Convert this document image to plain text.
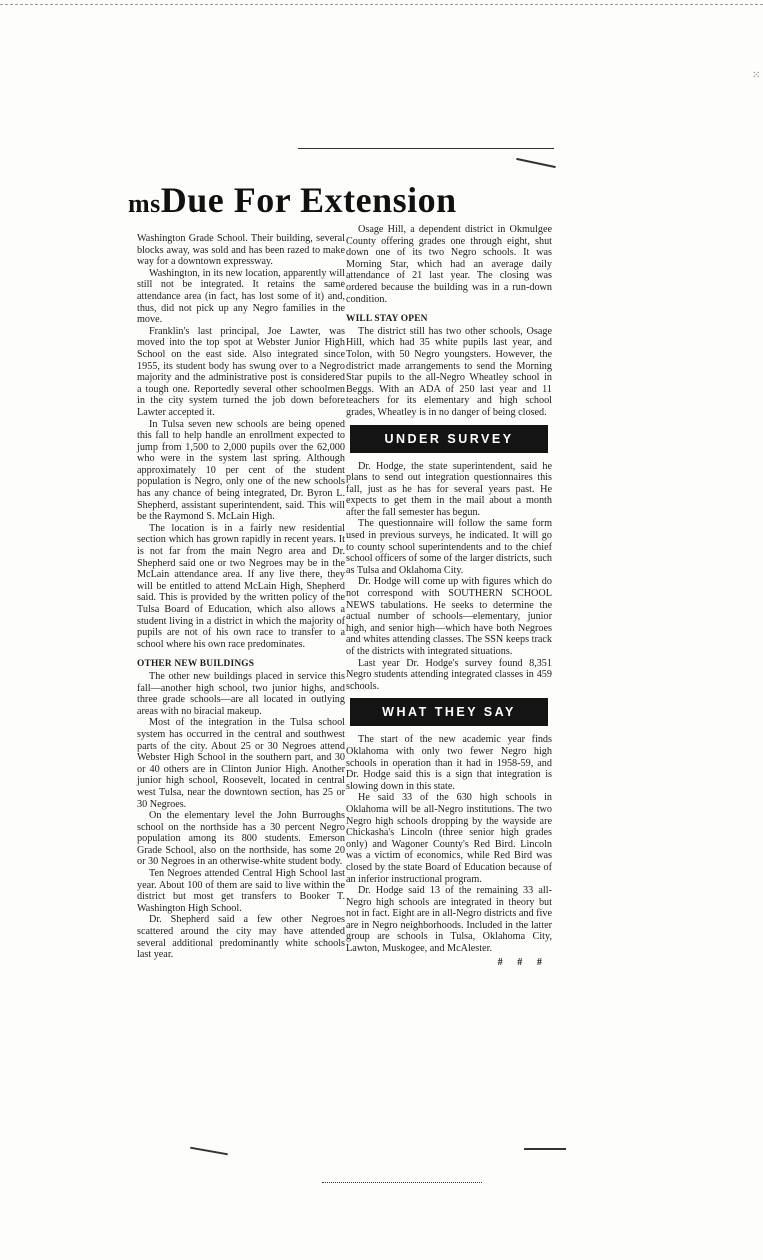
⁙
msDue For Extension

Washington Grade School. Their building, several blocks away, was sold and has been razed to make way for a downtown expressway.

Washington, in its new location, apparently will still not be integrated. It retains the same attendance area (in fact, has lost some of it) and, thus, did not pick up any Negro families in the move.

Franklin's last principal, Joe Lawter, was moved into the top spot at Webster Junior High School on the east side. Also integrated since 1955, its student body has swung over to a Negro majority and the administrative post is considered a tough one. Reportedly several other schoolmen in the city system turned the job down before Lawter accepted it.

In Tulsa seven new schools are being opened this fall to help handle an enrollment expected to jump from 1,500 to 2,000 pupils over the 62,000 who were in the system last spring. Although approximately 10 per cent of the student population is Negro, only one of the new schools has any chance of being integrated, Dr. Byron L. Shepherd, assistant superintendent, said. This will be the Raymond S. McLain High.

The location is in a fairly new residential section which has grown rapidly in recent years. It is not far from the main Negro area and Dr. Shepherd said one or two Negroes may be in the McLain attendance area. If any live there, they will be entitled to attend McLain High, Shepherd said. This is provided by the written policy of the Tulsa Board of Education, which also allows a student living in a district in which the majority of pupils are not of his own race to transfer to a school where his own race predominates.

OTHER NEW BUILDINGS

The other new buildings placed in service this fall—another high school, two junior highs, and three grade schools—are all located in outlying areas with no biracial makeup.

Most of the integration in the Tulsa school system has occurred in the central and southwest parts of the city. About 25 or 30 Negroes attend Webster High School in the southern part, and 30 or 40 others are in Clinton Junior High. Another junior high school, Roosevelt, located in central west Tulsa, near the downtown section, has 25 or 30 Negroes.

On the elementary level the John Burroughs school on the northside has a 30 percent Negro population among its 800 students. Emerson Grade School, also on the northside, has some 20 or 30 Negroes in an otherwise-white student body.

Ten Negroes attended Central High School last year. About 100 of them are said to live within the district but most get transfers to Booker T. Washington High School.

Dr. Shepherd said a few other Negroes scattered around the city may have attended several additional predominantly white schools last year.

Osage Hill, a dependent district in Okmulgee County offering grades one through eight, shut down one of its two Negro schools. It was Morning Star, which had an average daily attendance of 21 last year. The closing was ordered because the building was in a run-down condition.

WILL STAY OPEN

The district still has two other schools, Osage Hill, which had 35 white pupils last year, and Tolon, with 50 Negro youngsters. However, the district made arrangements to send the Morning Star pupils to the all-Negro Wheatley school in Beggs. With an ADA of 250 last year and 11 teachers for its elementary and high school grades, Wheatley is in no danger of being closed.

UNDER SURVEY

Dr. Hodge, the state superintendent, said he plans to send out integration questionnaires this fall, just as he has for several years past. He expects to get them in the mail about a month after the fall semester has begun.

The questionnaire will follow the same form used in previous surveys, he indicated. It will go to county school superintendents and to the chief school officers of some of the larger districts, such as Tulsa and Oklahoma City.

Dr. Hodge will come up with figures which do not correspond with SOUTHERN SCHOOL NEWS tabulations. He seeks to determine the actual number of schools—elementary, junior high, and senior high—which have both Negroes and whites attending classes. The SSN keeps track of the districts with integrated situations.

Last year Dr. Hodge's survey found 8,351 Negro students attending integrated classes in 459 schools.

WHAT THEY SAY

The start of the new academic year finds Oklahoma with only two fewer Negro high schools in operation than it had in 1958-59, and Dr. Hodge said this is a sign that integration is slowing down in this state.

He said 33 of the 630 high schools in Oklahoma will be all-Negro institutions. The two Negro high schools dropping by the wayside are Chickasha's Lincoln (three senior high grades only) and Wagoner County's Red Bird. Lincoln was a victim of economics, while Red Bird was closed by the state Board of Education because of an inferior instructional program.

Dr. Hodge said 13 of the remaining 33 all-Negro high schools are integrated in theory but not in fact. Eight are in all-Negro districts and five are in Negro neighborhoods. Included in the latter group are schools in Tulsa, Oklahoma City, Lawton, Muskogee, and McAlester.

# # #
